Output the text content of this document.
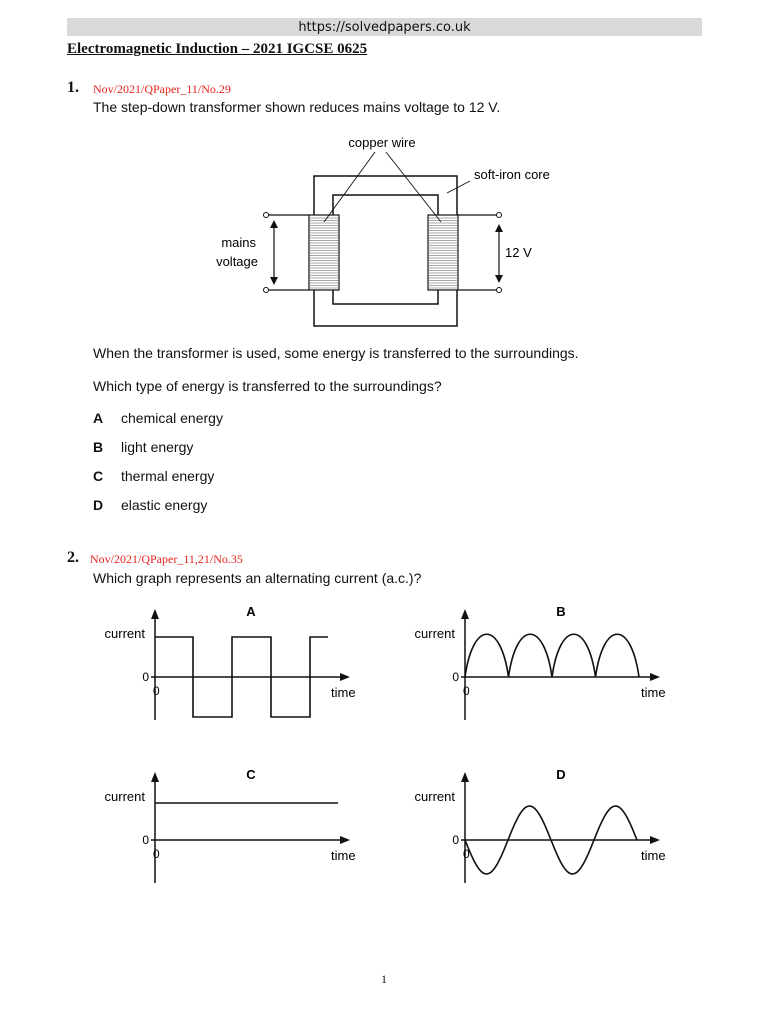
https://solvedpapers.co.uk
Electromagnetic Induction – 2021 IGCSE 0625
1. Nov/2021/QPaper_11/No.29
The step-down transformer shown reduces mains voltage to 12 V.
copper wire
soft-iron core
mains
voltage
12 V
When the transformer is used, some energy is transferred to the surroundings.
Which type of energy is transferred to the surroundings?
A chemical energy
B light energy
C thermal energy
D elastic energy
2. Nov/2021/QPaper_11,21/No.35
Which graph represents an alternating current (a.c.)?
A
current
0
0	time
B
current
0
0	time
C
current
0
0	time
D
current
0
0	time
1
